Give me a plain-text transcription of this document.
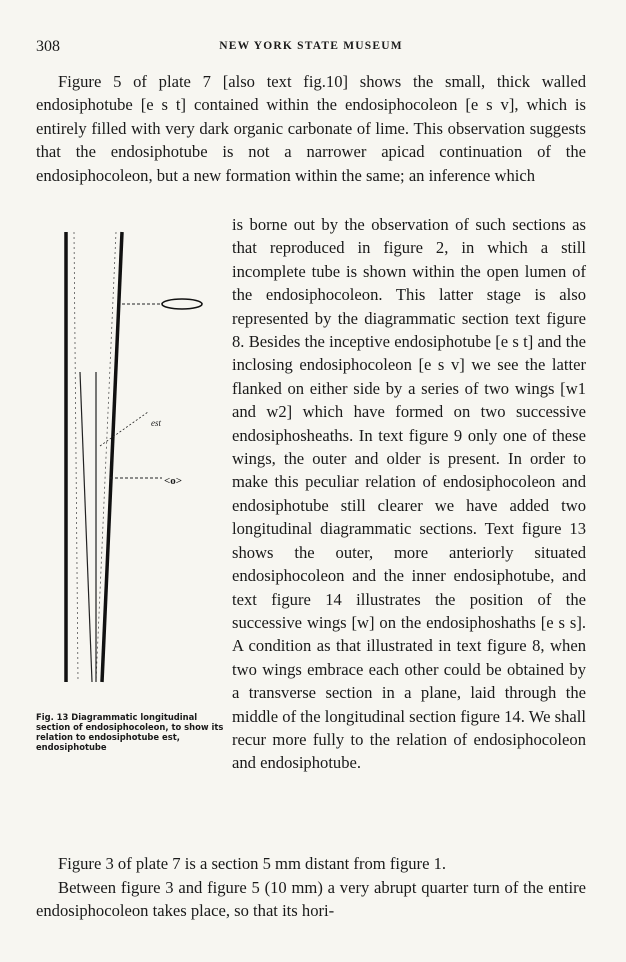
308	NEW YORK STATE MUSEUM

Figure 5 of plate 7 [also text fig.10] shows the small, thick walled endosiphotube [e s t] contained within the endosiphocoleon [e s v], which is entirely filled with very dark organic carbonate of lime. This observation suggests that the endosiphotube is not a narrower apicad continuation of the endosiphocoleon, but a new formation within the same; an inference which

is borne out by the observation of such sections as that reproduced in figure 2, in which a still incomplete tube is shown within the open lumen of the endosiphocoleon. This latter stage is also represented by the diagrammatic section text figure 8. Besides the inceptive endosiphotube [e s t] and the inclosing endosiphocoleon [e s v] we see the latter flanked on either side by a series of two wings [w1 and w2] which have formed on two successive endosiphosheaths. In text figure 9 only one of these wings, the outer and older is present. In order to make this peculiar relation of endosiphocoleon and endosiphotube still clearer we have added two longitudinal diagrammatic sections. Text figure 13 shows the outer, more anteriorly situated endosiphocoleon and the inner endosiphotube, and text figure 14 illustrates the position of the successive wings [w] on the endosiphoshaths [e s s]. A condition as that illustrated in text figure 8, when two wings embrace each other could be obtained by a transverse section in a plane, laid through the middle of the longitudinal section figure 14. We shall recur more fully to the relation of endosiphocoleon and endosiphotube.

est
<o>
Fig. 13 Diagrammatic longitudinal section of endosiphocoleon, to show its relation to endosiphotube est, endosiphotube

Figure 3 of plate 7 is a section 5 mm distant from figure 1.

Between figure 3 and figure 5 (10 mm) a very abrupt quarter turn of the entire endosiphocoleon takes place, so that its hori-
